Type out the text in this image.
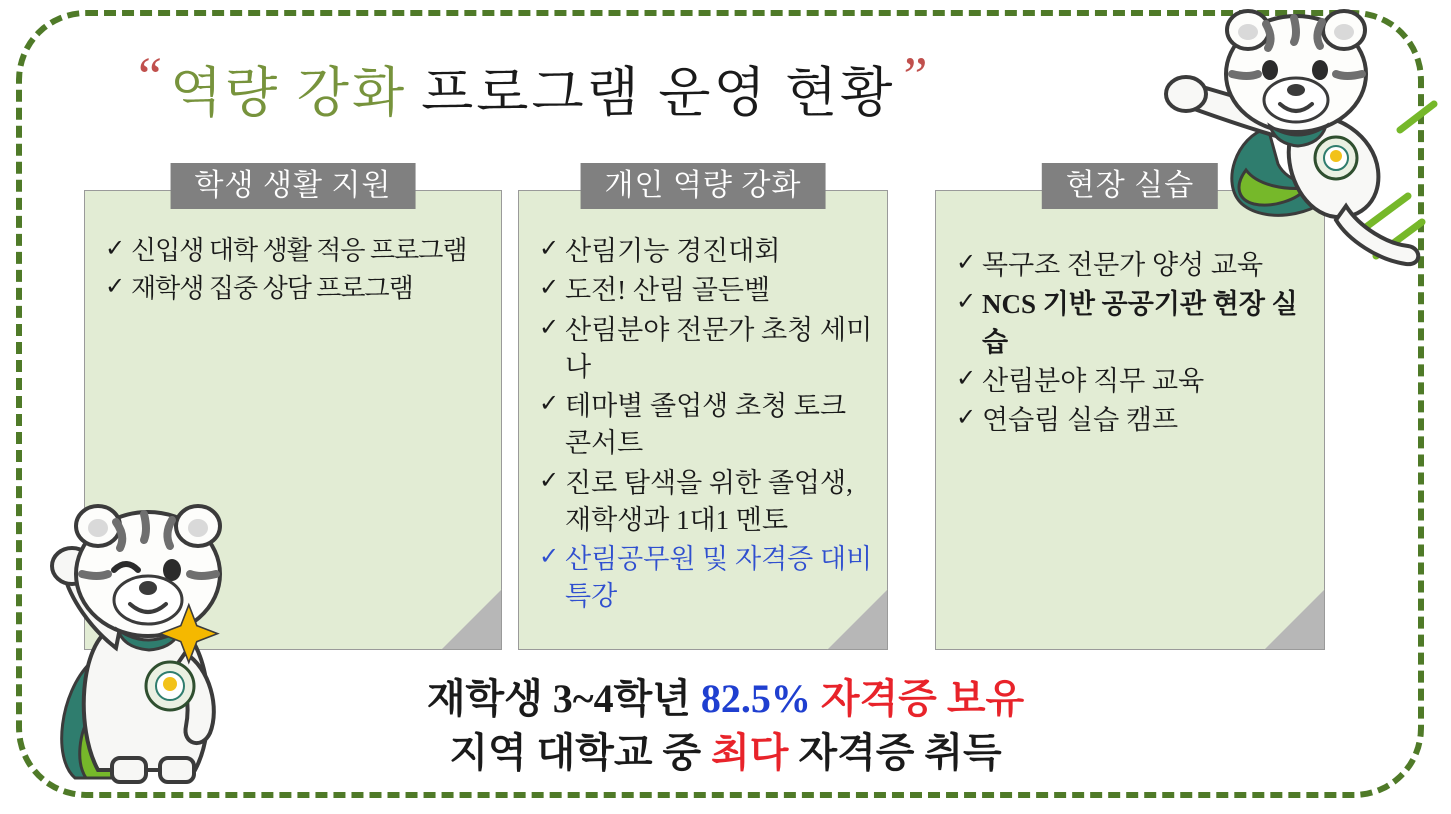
“ 역량 강화 프로그램 운영 현황 ”
학생 생활 지원
✓ 신입생 대학 생활 적응 프로그램
✓ 재학생 집중 상담 프로그램
개인 역량 강화
✓ 산림기능 경진대회
✓ 도전! 산림 골든벨
✓ 산림분야 전문가 초청 세미나
✓ 테마별 졸업생 초청 토크 콘서트
✓ 진로 탐색을 위한 졸업생, 재학생과 1대1 멘토
✓ 산림공무원 및 자격증 대비 특강
현장 실습
✓ 목구조 전문가 양성 교육
✓ NCS 기반 공공기관 현장 실습
✓ 산림분야 직무 교육
✓ 연습림 실습 캠프
재학생 3~4학년 82.5% 자격증 보유
지역 대학교 중 최다 자격증 취득
